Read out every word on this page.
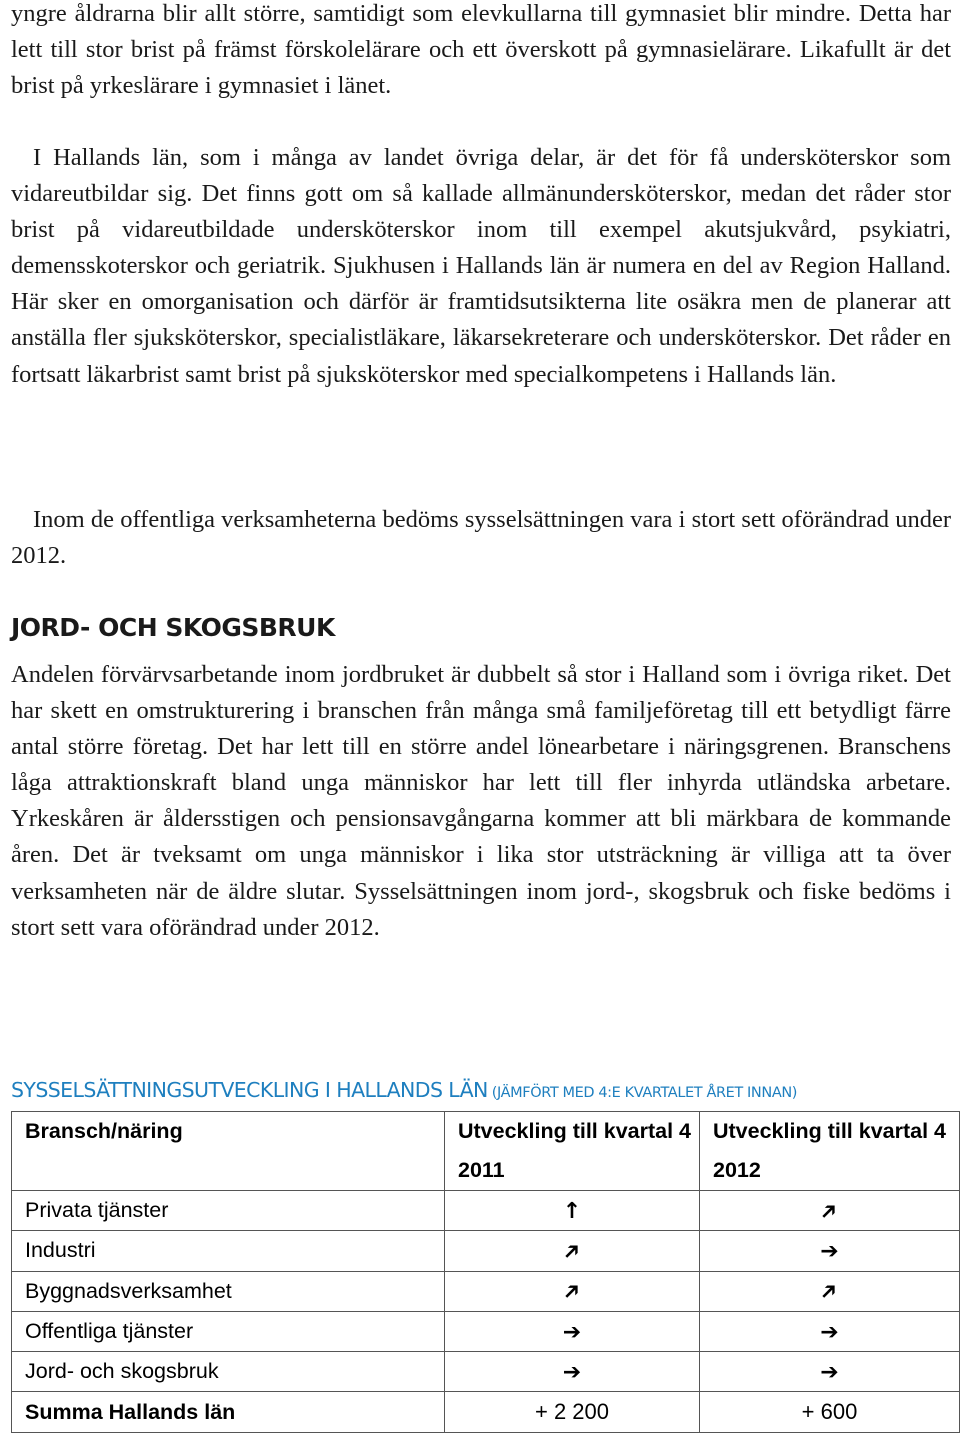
yngre åldrarna blir allt större, samtidigt som elevkullarna till gymnasiet blir mindre. Detta har lett till stor brist på främst förskolelärare och ett överskott på gymnasielärare. Likafullt är det brist på yrkeslärare i gymnasiet i länet.

I Hallands län, som i många av landet övriga delar, är det för få undersköterskor som vidareutbildar sig. Det finns gott om så kallade allmänundersköterskor, medan det råder stor brist på vidareutbildade undersköterskor inom till exempel akutsjukvård, psykiatri, demensskoterskor och geriatrik. Sjukhusen i Hallands län är numera en del av Region Halland. Här sker en omorganisation och därför är framtidsutsikterna lite osäkra men de planerar att anställa fler sjuksköterskor, specialistläkare, läkarsekreterare och undersköterskor. Det råder en fortsatt läkarbrist samt brist på sjuksköterskor med specialkompetens i Hallands län.

Inom de offentliga verksamheterna bedöms sysselsättningen vara i stort sett oförändrad under 2012.

JORD- OCH SKOGSBRUK

Andelen förvärvsarbetande inom jordbruket är dubbelt så stor i Halland som i övriga riket. Det har skett en omstrukturering i branschen från många små familjeföretag till ett betydligt färre antal större företag. Det har lett till en större andel lönearbetare i näringsgrenen. Branschens låga attraktionskraft bland unga människor har lett till fler inhyrda utländska arbetare. Yrkeskåren är åldersstigen och pensionsavgångarna kommer att bli märkbara de kommande åren. Det är tveksamt om unga människor i lika stor utsträckning är villiga att ta över verksamheten när de äldre slutar. Sysselsättningen inom jord-, skogsbruk och fiske bedöms i stort sett vara oförändrad under 2012.

SYSSELSÄTTNINGSUTVECKLING I HALLANDS LÄN (JÄMFÖRT MED 4:E KVARTALET ÅRET INNAN)
Bransch/näring	Utveckling till kvartal 4 2011	Utveckling till kvartal 4 2012
Privata tjänster	↑	➔
Industri	➔	➔
Byggnadsverksamhet	➔	➔
Offentliga tjänster	➔	➔
Jord- och skogsbruk	➔	➔
Summa Hallands län	+ 2 200	+ 600
